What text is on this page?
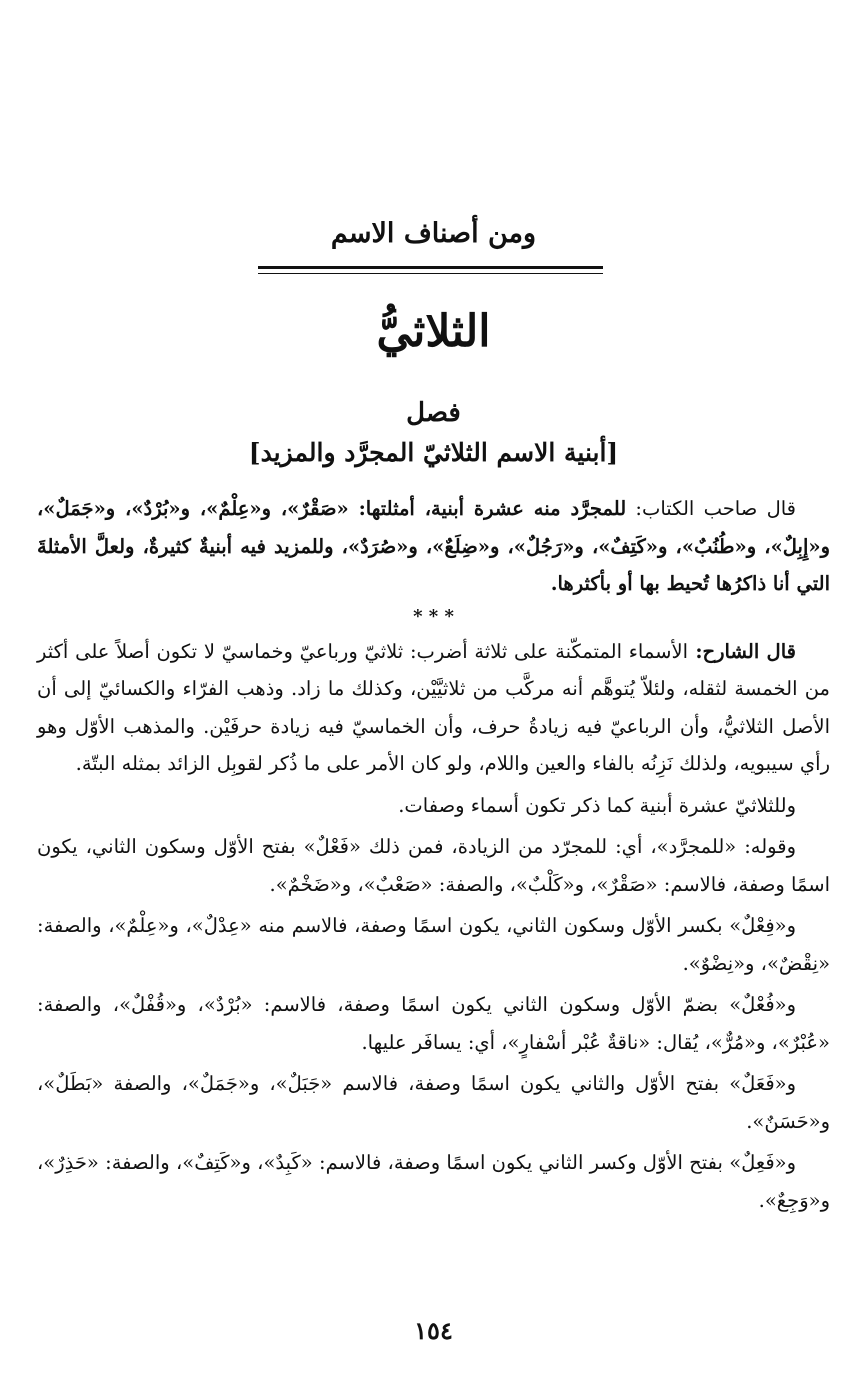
ومن أصناف الاسم
الثلاثيُّ
فصل
[أبنية الاسم الثلاثيّ المجرَّد والمزيد]

قال صاحب الكتاب: للمجرَّد منه عشرة أبنية، أمثلتها: «صَقْرٌ»، و«عِلْمٌ»، و«بُرْدٌ»، و«جَمَلٌ»، و«إِبِلٌ»، و«طُنُبٌ»، و«كَتِفٌ»، و«رَجُلٌ»، و«ضِلَعٌ»، و«صُرَدٌ»، وللمزيد فيه أبنيةٌ كثيرةٌ، ولعلَّ الأمثلةَ التي أنا ذاكرُها تُحيط بها أو بأكثرها.

* * *

قال الشارح: الأسماء المتمكّنة على ثلاثة أضرب: ثلاثيّ ورباعيّ وخماسيّ لا تكون أصلاً على أكثر من الخمسة لثقله، ولئلاّ يُتوهَّم أنه مركَّب من ثلاثيَّيْن، وكذلك ما زاد. وذهب الفرّاء والكسائيّ إلى أن الأصل الثلاثيُّ، وأن الرباعيّ فيه زيادةُ حرف، وأن الخماسيّ فيه زيادة حرفَيْن. والمذهب الأوّل وهو رأي سيبويه، ولذلك نَزِنُه بالفاء والعين واللام، ولو كان الأمر على ما ذُكر لقوبِل الزائد بمثله البتّة.

وللثلاثيّ عشرة أبنية كما ذكر تكون أسماء وصفات.

وقوله: «للمجرَّد»، أي: للمجرّد من الزيادة، فمن ذلك «فَعْلٌ» بفتح الأوّل وسكون الثاني، يكون اسمًا وصفة، فالاسم: «صَقْرٌ»، و«كَلْبٌ»، والصفة: «صَعْبٌ»، و«ضَخْمٌ».

و«فِعْلٌ» بكسر الأوّل وسكون الثاني، يكون اسمًا وصفة، فالاسم منه «عِدْلٌ»، و«عِلْمٌ»، والصفة: «نِقْضٌ»، و«نِضْوٌ».

و«فُعْلٌ» بضمّ الأوّل وسكون الثاني يكون اسمًا وصفة، فالاسم: «بُرْدٌ»، و«قُفْلٌ»، والصفة: «عُبْرٌ»، و«مُرٌّ»، يُقال: «ناقةٌ عُبْر أسْفارٍ»، أي: يسافَر عليها.

و«فَعَلٌ» بفتح الأوّل والثاني يكون اسمًا وصفة، فالاسم «جَبَلٌ»، و«جَمَلٌ»، والصفة «بَطَلٌ»، و«حَسَنٌ».

و«فَعِلٌ» بفتح الأوّل وكسر الثاني يكون اسمًا وصفة، فالاسم: «كَبِدٌ»، و«كَتِفٌ»، والصفة: «حَذِرٌ»، و«وَجِعٌ».

١٥٤
